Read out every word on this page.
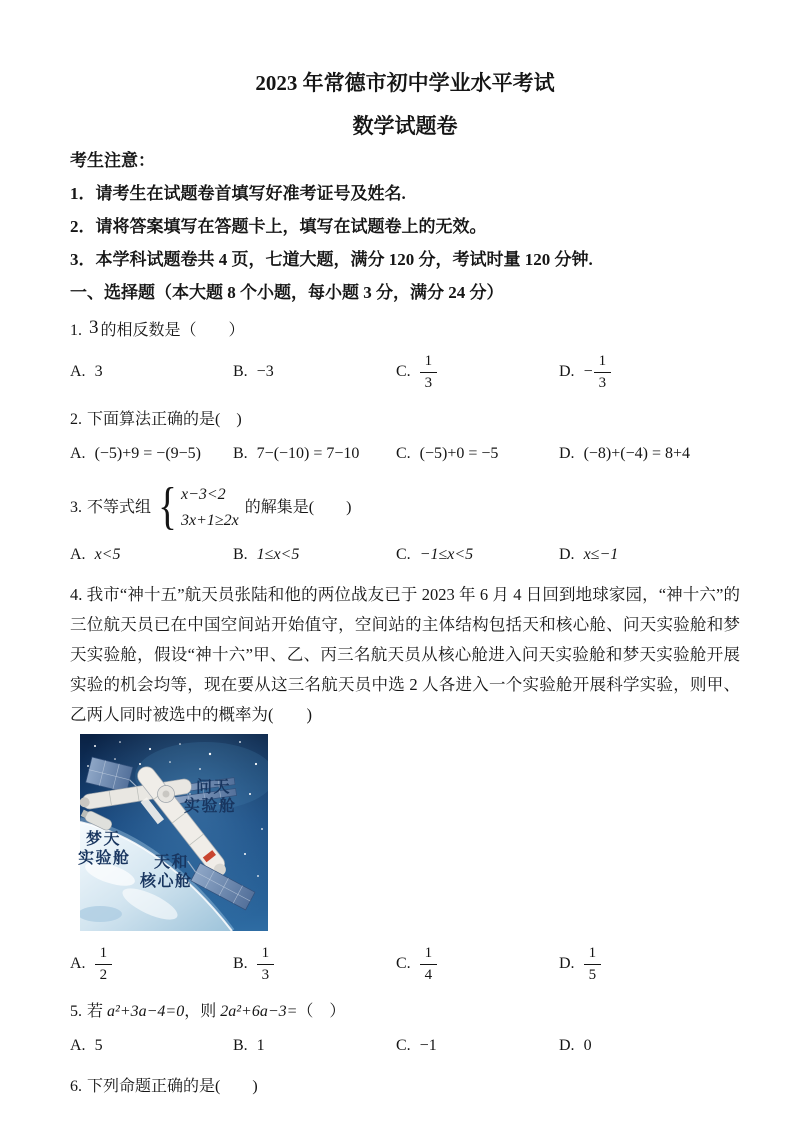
2023 年常德市初中学业水平考试
数学试题卷
考生注意：
1．请考生在试题卷首填写好准考证号及姓名.
2．请将答案填写在答题卡上，填写在试题卷上的无效。
3．本学科试题卷共 4 页，七道大题，满分 120 分，考试时量 120 分钟.
一、选择题（本大题 8 个小题，每小题 3 分，满分 24 分）
1. 3 的相反数是（　　）
A. 3	B. −3	C. $\frac{1}{3}$	D. − $\frac{1}{3}$
2. 下面算法正确的是(　)
A. (−5)+9 = −(9−5)	B. 7−(−10) = 7−10	C. (−5)+0 = −5	D. (−8)+(−4) = 8+4
3. 不等式组 { x−3<2
3x+1≥2x
的解集是(　　)
A. x<5	B. 1≤x<5	C. −1≤x<5	D. x≤−1
4. 我市“神十五”航天员张陆和他的两位战友已于 2023 年 6 月 4 日回到地球家园，“神十六”的三位航天员已在中国空间站开始值守，空间站的主体结构包括天和核心舱、问天实验舱和梦天实验舱，假设“神十六”甲、乙、丙三名航天员从核心舱进入问天实验舱和梦天实验舱开展实验的机会均等，现在要从这三名航天员中选 2 人各进入一个实验舱开展科学实验，则甲、乙两人同时被选中的概率为(　　)
问天
实验舱
梦天
实验舱	天和
核心舱
A. $\frac{1}{2}$	B. $\frac{1}{3}$	C. $\frac{1}{4}$	D. $\frac{1}{5}$
5. 若 a²+3a−4=0，则 2a²+6a−3=（　）
A. 5	B. 1	C. −1	D. 0
6. 下列命题正确的是(　　)
